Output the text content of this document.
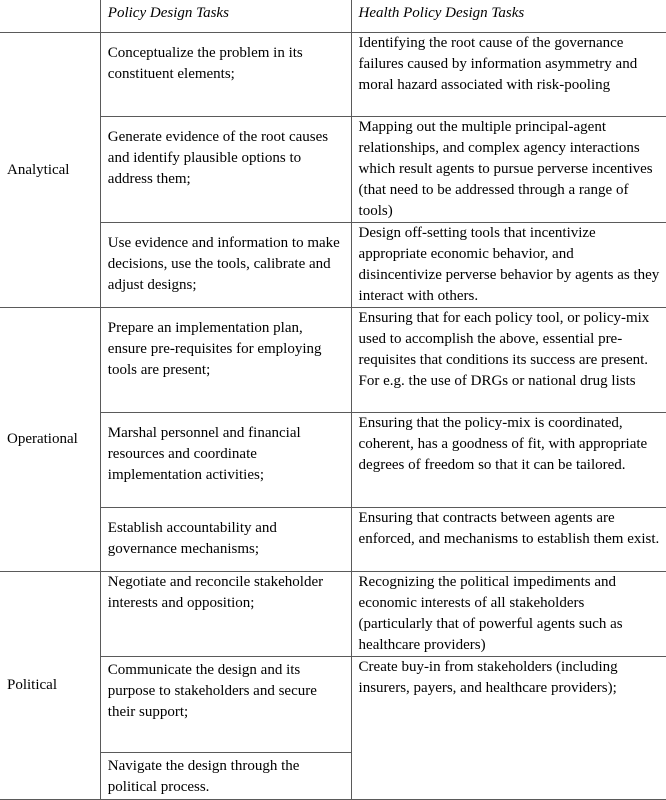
	Policy Design Tasks	Health Policy Design Tasks

Analytical	Conceptualize the problem in its constituent elements;	Identifying the root cause of the governance failures caused by information asymmetry and moral hazard associated with risk-pooling

	Generate evidence of the root causes and identify plausible options to address them;	Mapping out the multiple principal-agent relationships, and complex agency interactions which result agents to pursue perverse incentives (that need to be addressed through a range of tools)

	Use evidence and information to make decisions, use the tools, calibrate and adjust designs;	Design off-setting tools that incentivize appropriate economic behavior, and disincentivize perverse behavior by agents as they interact with others.

Operational	Prepare an implementation plan, ensure pre-requisites for employing tools are present;	Ensuring that for each policy tool, or policy-mix used to accomplish the above, essential pre-requisites that conditions its success are present. For e.g. the use of DRGs or national drug lists

	Marshal personnel and financial resources and coordinate implementation activities;	Ensuring that the policy-mix is coordinated, coherent, has a goodness of fit, with appropriate degrees of freedom so that it can be tailored.

	Establish accountability and governance mechanisms;	Ensuring that contracts between agents are enforced, and mechanisms to establish them exist.

Political	Negotiate and reconcile stakeholder interests and opposition;	Recognizing the political impediments and economic interests of all stakeholders (particularly that of powerful agents such as healthcare providers)

	Communicate the design and its purpose to stakeholders and secure their support;	Create buy-in from stakeholders (including insurers, payers, and healthcare providers);

	Navigate the design through the political process.	
